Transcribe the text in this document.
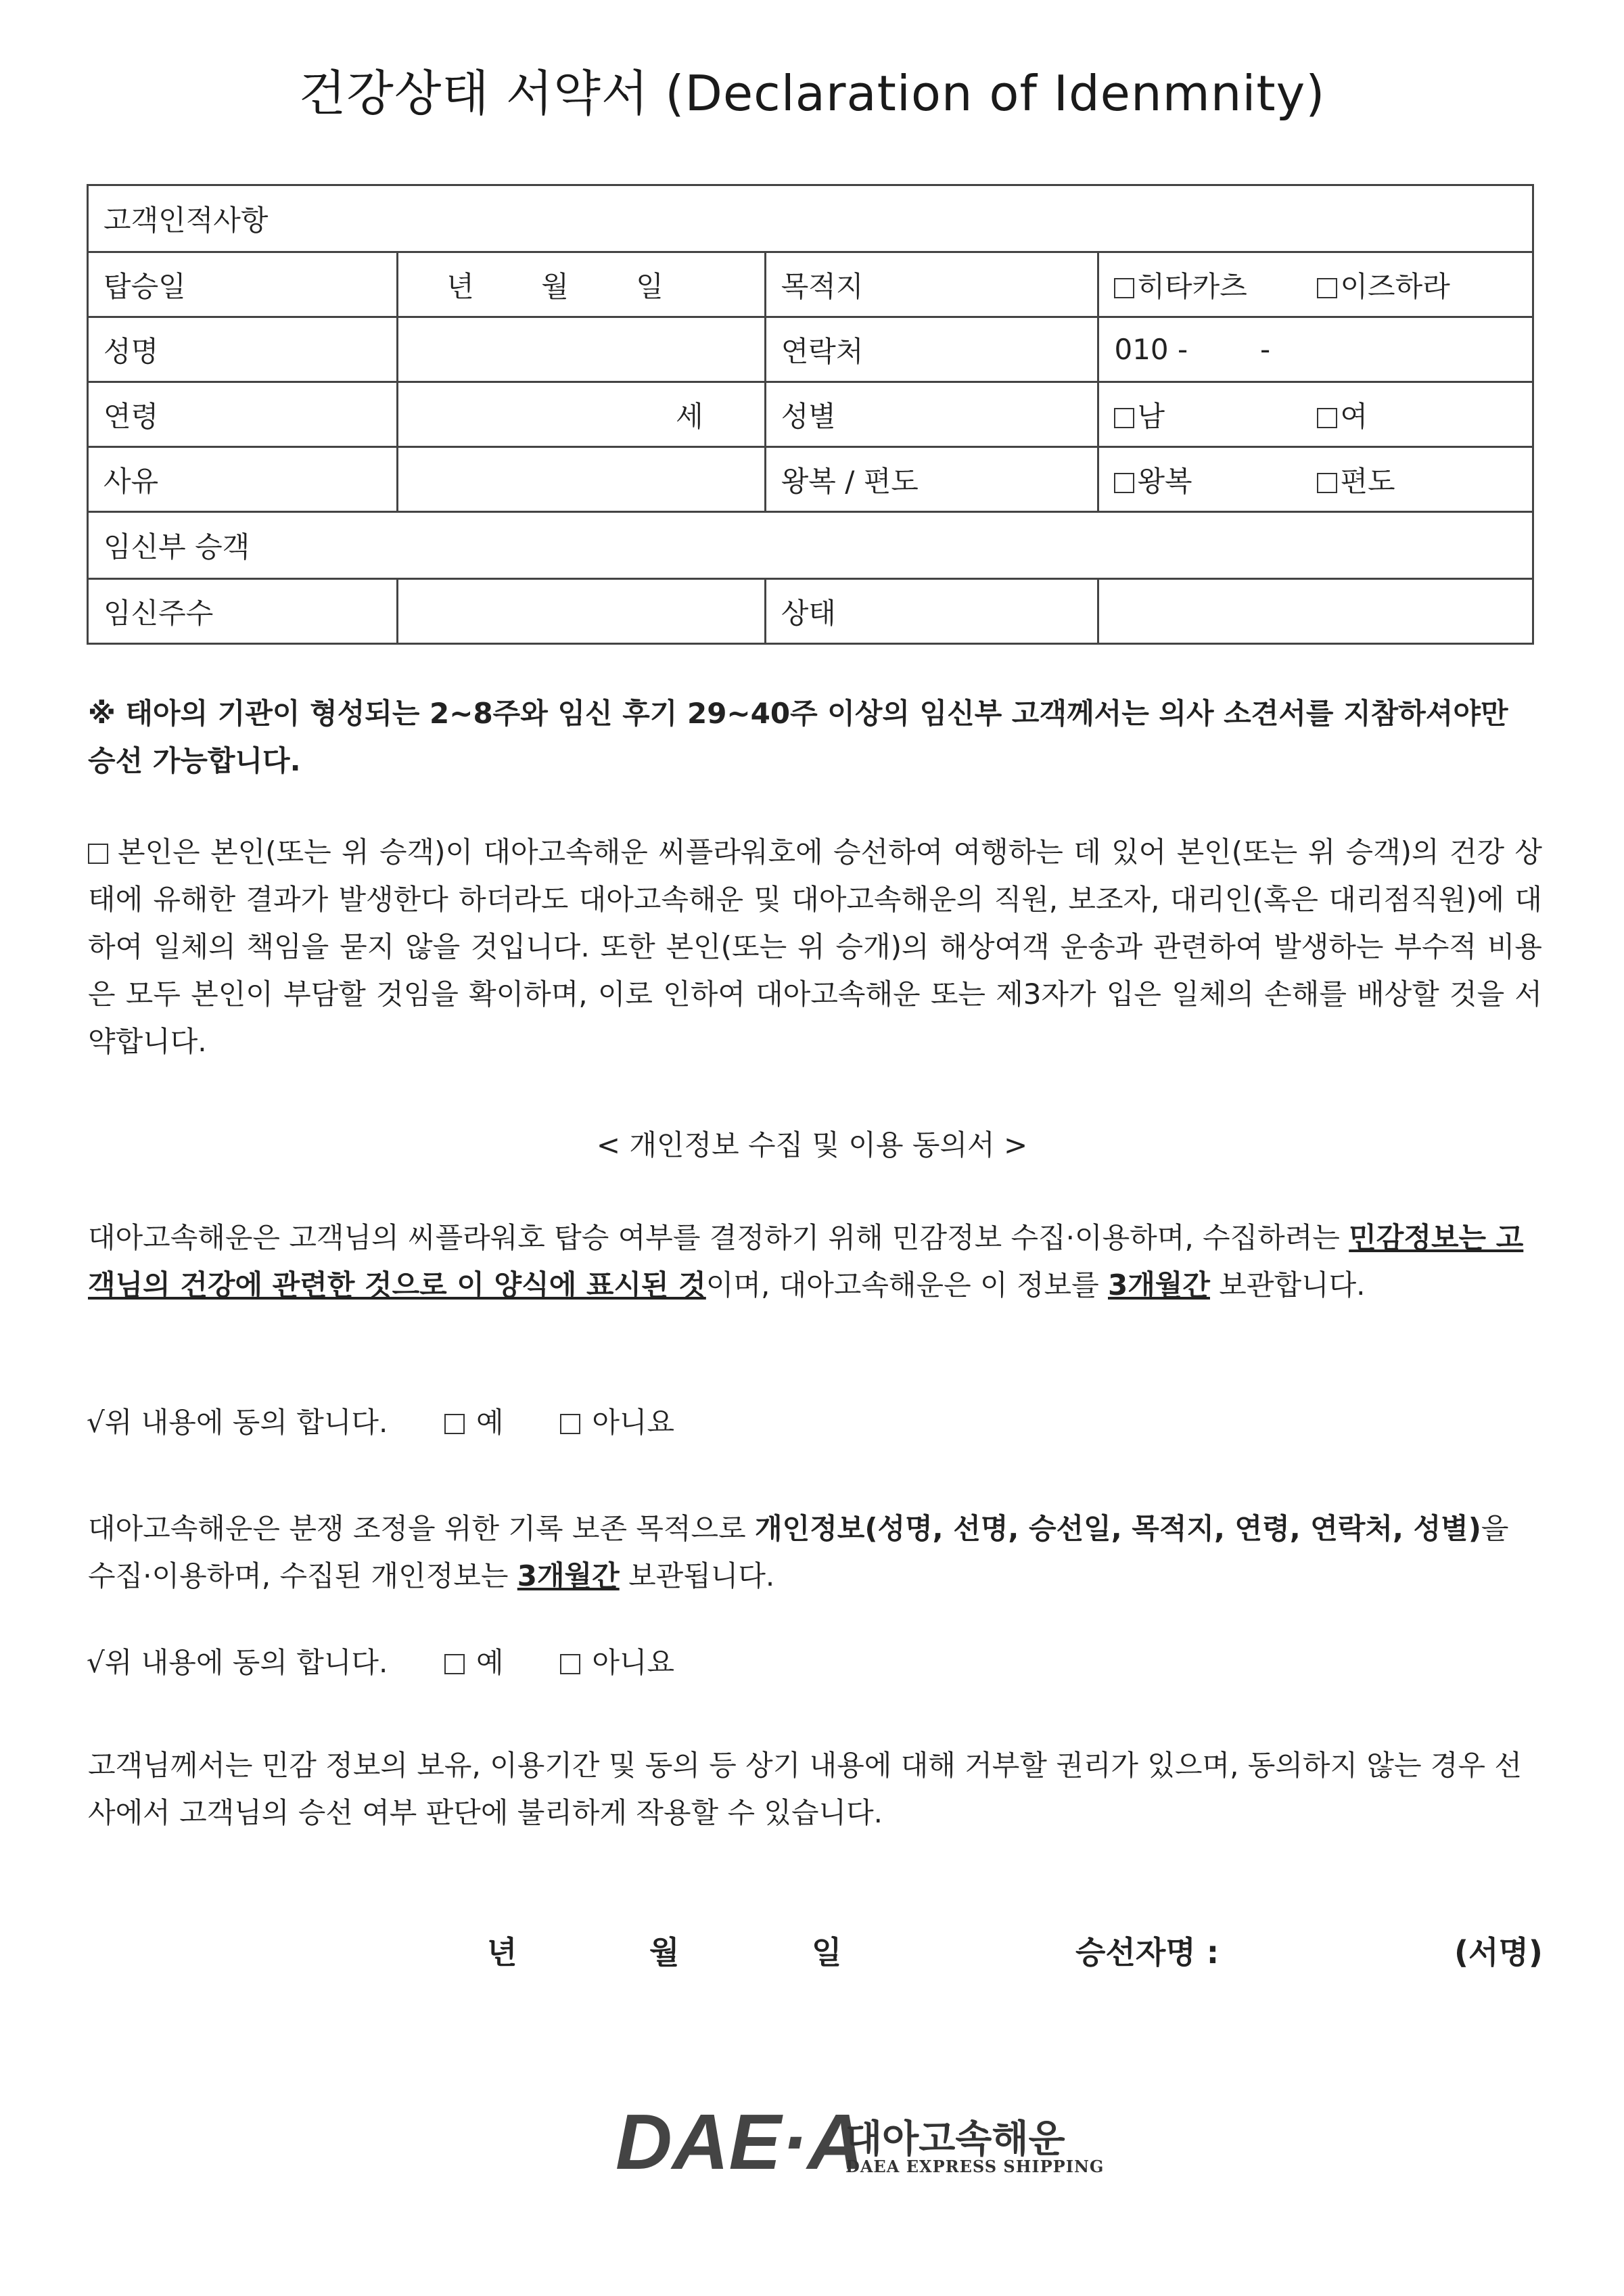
건강상태 서약서 (Declaration of Idenmnity)
고객인적사항			
탑승일	년 월 일	목적지	히타카츠 이즈하라
성명		연락처	010 -        -
연령	세	성별	남 여
사유		왕복 / 편도	왕복 편도
임신부 승객			
임신주수		상태	
※ 태아의 기관이 형성되는 2~8주와 임신 후기 29~40주 이상의 임신부 고객께서는 의사 소견서를 지참하셔야만 승선 가능합니다.
본인은 본인(또는 위 승객)이 대아고속해운 씨플라워호에 승선하여 여행하는 데 있어 본인(또는 위 승객)의 건강 상태에 유해한 결과가 발생한다 하더라도 대아고속해운 및 대아고속해운의 직원, 보조자, 대리인(혹은 대리점직원)에 대하여 일체의 책임을 묻지 않을 것입니다. 또한 본인(또는 위 승개)의 해상여객 운송과 관련하여 발생하는 부수적 비용은 모두 본인이 부담할 것임을 확이하며, 이로 인하여 대아고속해운 또는 제3자가 입은 일체의 손해를 배상할 것을 서약합니다.
< 개인정보 수집 및 이용 동의서 >
대아고속해운은 고객님의 씨플라워호 탑승 여부를 결정하기 위해 민감정보 수집·이용하며, 수집하려는 민감정보는 고객님의 건강에 관련한 것으로 이 양식에 표시된 것이며, 대아고속해운은 이 정보를 3개월간 보관합니다.
√위 내용에 동의 합니다.	예	아니요
대아고속해운은 분쟁 조정을 위한 기록 보존 목적으로 개인정보(성명, 선명, 승선일, 목적지, 연령, 연락처, 성별)을 수집·이용하며, 수집된 개인정보는 3개월간 보관됩니다.
√위 내용에 동의 합니다.	예	아니요
고객님께서는 민감 정보의 보유, 이용기간 및 동의 등 상기 내용에 대해 거부할 권리가 있으며, 동의하지 않는 경우 선사에서 고객님의 승선 여부 판단에 불리하게 작용할 수 있습니다.
년	월	일	승선자명 :	(서명)
DAE·A
대아고속해운
DAEA EXPRESS SHIPPING
